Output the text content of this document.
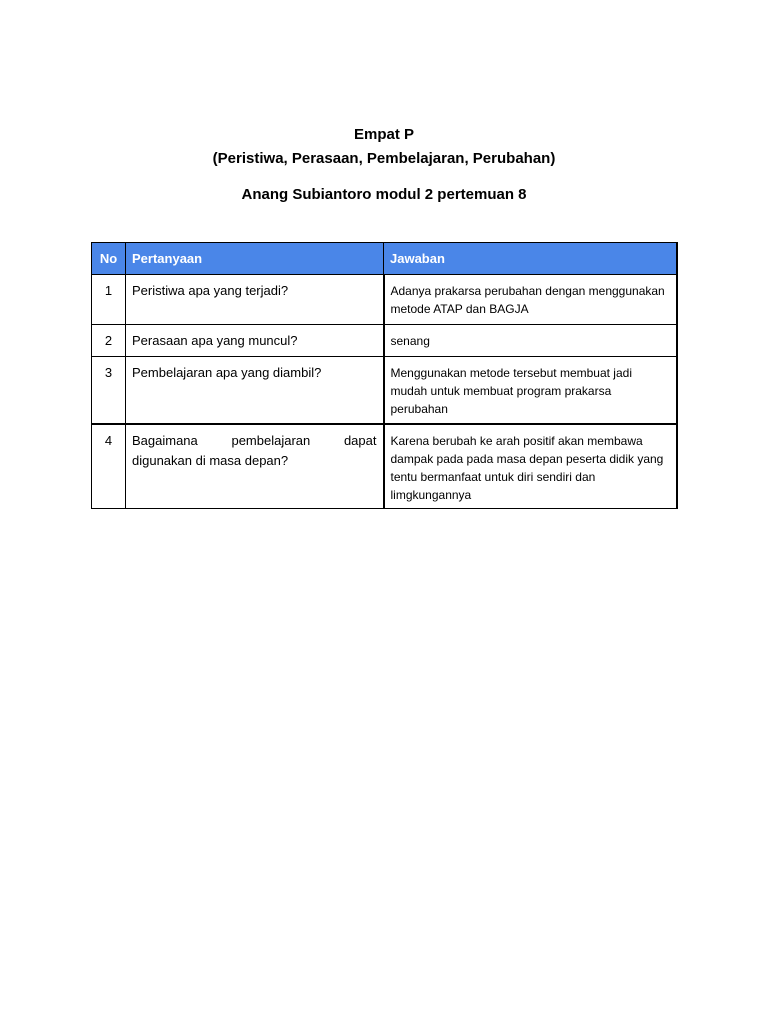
Empat P
(Peristiwa, Perasaan, Pembelajaran, Perubahan)
Anang Subiantoro modul 2 pertemuan 8
No	Pertanyaan	Jawaban
1	Peristiwa apa yang terjadi?	Adanya prakarsa perubahan dengan menggunakan metode ATAP dan BAGJA
2	Perasaan apa yang muncul?	senang
3	Pembelajaran apa yang diambil?	Menggunakan metode tersebut membuat jadi mudah untuk membuat program prakarsa perubahan
4	Bagaimana pembelajaran dapat digunakan di masa depan?	Karena berubah ke arah positif akan membawa dampak pada pada masa depan peserta didik yang tentu bermanfaat untuk diri sendiri dan limgkungannya
